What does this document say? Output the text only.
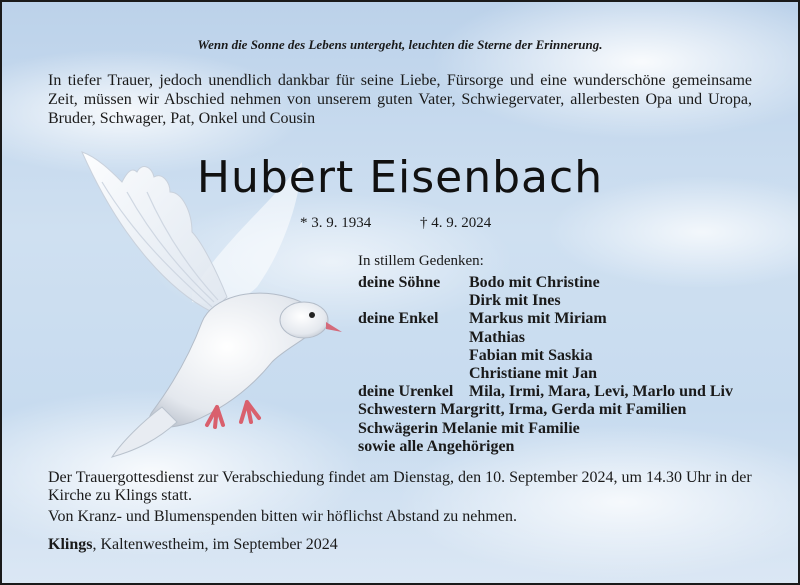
Wenn die Sonne des Lebens untergeht, leuchten die Sterne der Erinnerung.
In tiefer Trauer, jedoch unendlich dankbar für seine Liebe, Fürsorge und eine wunderschöne gemeinsame Zeit, müssen wir Abschied nehmen von unserem guten Vater, Schwiegervater, allerbesten Opa und Uropa, Bruder, Schwager, Pat, Onkel und Cousin
Hubert Eisenbach
* 3. 9. 1934	† 4. 9. 2024
In stillem Gedenken:
deine Söhne	Bodo mit Christine
Dirk mit Ines
deine Enkel	Markus mit Miriam
Mathias
Fabian mit Saskia
Christiane mit Jan
deine Urenkel Mila, Irmi, Mara, Levi, Marlo und Liv
Schwestern Margritt, Irma, Gerda mit Familien
Schwägerin Melanie mit Familie
sowie alle Angehörigen
Der Trauergottesdienst zur Verabschiedung findet am Dienstag, den 10. September 2024, um 14.30 Uhr in der Kirche zu Klings statt.
Von Kranz- und Blumenspenden bitten wir höflichst Abstand zu nehmen.
Klings, Kaltenwestheim, im September 2024
